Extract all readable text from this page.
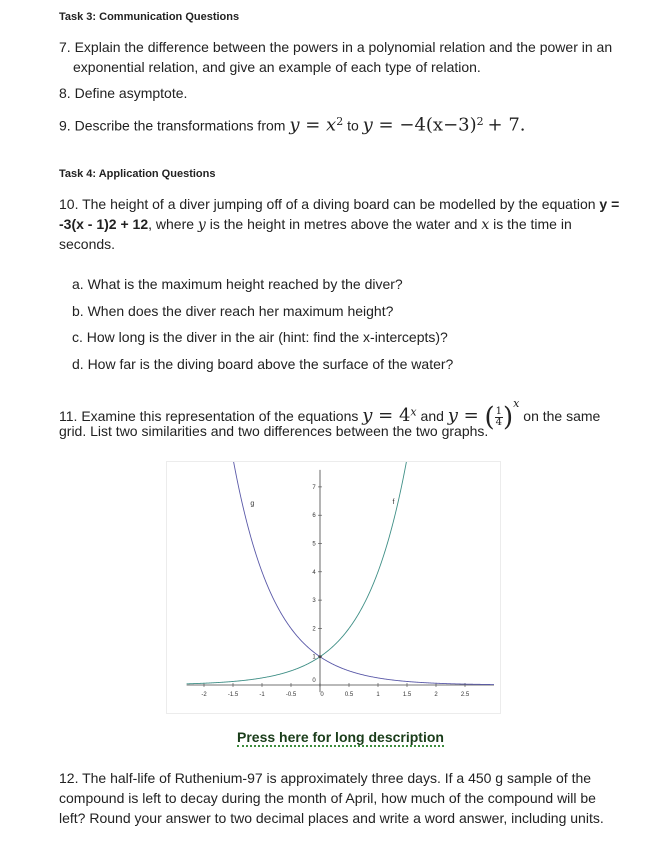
Task 3: Communication Questions
7. Explain the difference between the powers in a polynomial relation and the power in an
exponential relation, and give an example of each type of relation.
8. Define asymptote.
9. Describe the transformations from $y = x^2$ to $y = -4(x-3)^2 + 7$.
Task 4: Application Questions
10. The height of a diver jumping off of a diving board can be modelled by the equation y =
-3(x - 1)2 + 12, where y is the height in metres above the water and x is the time in
seconds.
a. What is the maximum height reached by the diver?
b. When does the diver reach her maximum height?
c. How long is the diver in the air (hint: find the x-intercepts)?
d. How far is the diving board above the surface of the water?
11. Examine this representation of the equations $y = 4^x$ and y = ( $\frac{1}{4} )^x$ on the same
grid. List two similarities and two differences between the two graphs.
-2	-1.5	-1	-0.5	0	0.5	1	1.5	2	2.5
0
1
2
3
4
5
6
7
f
g
Press here for long description
12. The half-life of Ruthenium-97 is approximately three days. If a 450 g sample of the
compound is left to decay during the month of April, how much of the compound will be
left? Round your answer to two decimal places and write a word answer, including units.
